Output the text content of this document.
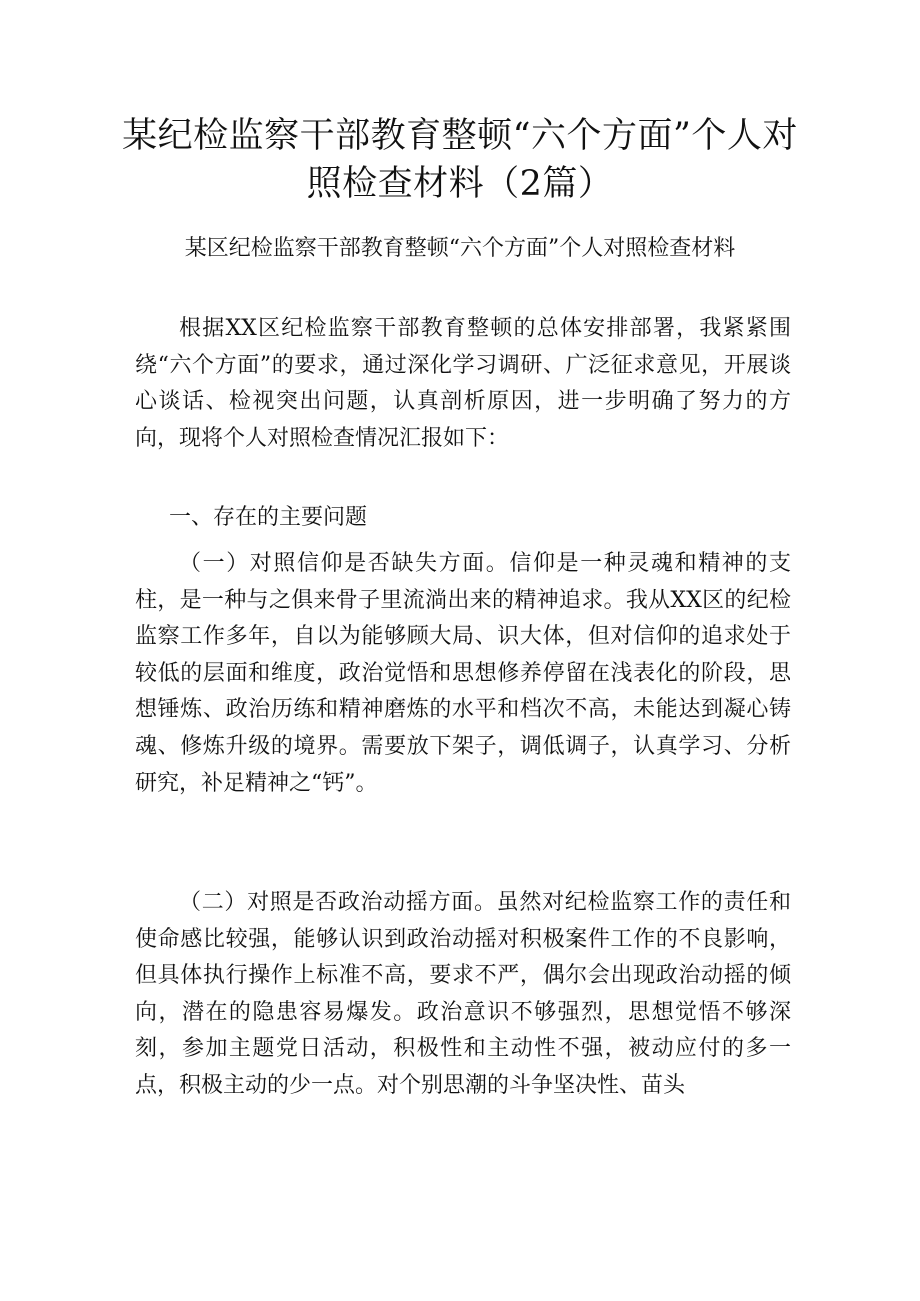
某纪检监察干部教育整顿“六个方面”个人对照检查材料（2篇）

某区纪检监察干部教育整顿“六个方面”个人对照检查材料

根据XX区纪检监察干部教育整顿的总体安排部署，我紧紧围绕“六个方面”的要求，通过深化学习调研、广泛征求意见，开展谈心谈话、检视突出问题，认真剖析原因，进一步明确了努力的方向，现将个人对照检查情况汇报如下：

一、存在的主要问题

（一）对照信仰是否缺失方面。信仰是一种灵魂和精神的支柱，是一种与之俱来骨子里流淌出来的精神追求。我从XX区的纪检监察工作多年，自以为能够顾大局、识大体，但对信仰的追求处于较低的层面和维度，政治觉悟和思想修养停留在浅表化的阶段，思想锤炼、政治历练和精神磨炼的水平和档次不高，未能达到凝心铸魂、修炼升级的境界。需要放下架子，调低调子，认真学习、分析研究，补足精神之“钙”。

（二）对照是否政治动摇方面。虽然对纪检监察工作的责任和使命感比较强，能够认识到政治动摇对积极案件工作的不良影响，但具体执行操作上标准不高，要求不严，偶尔会出现政治动摇的倾向，潜在的隐患容易爆发。政治意识不够强烈，思想觉悟不够深刻，参加主题党日活动，积极性和主动性不强，被动应付的多一点，积极主动的少一点。对个别思潮的斗争坚决性、苗头
